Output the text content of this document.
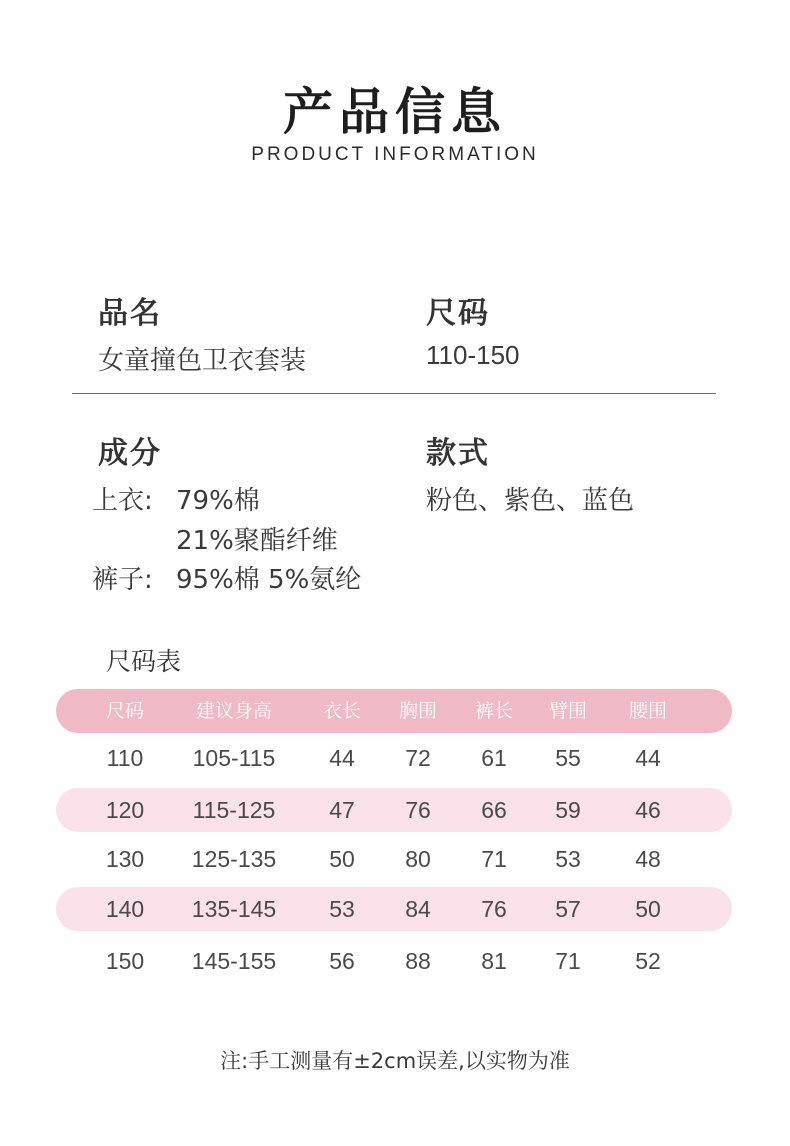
产品信息
PRODUCT INFORMATION
品名
女童撞色卫衣套装
尺码
110-150
成分
上衣: 79%棉
21%聚酯纤维
裤子: 95%棉 5%氨纶
款式
粉色、紫色、蓝色
尺码表
尺码	建议身高	衣长	胸围	裤长	臂围	腰围
110	105-115	44	72	61	55	44
120	115-125	47	76	66	59	46
130	125-135	50	80	71	53	48
140	135-145	53	84	76	57	50
150	145-155	56	88	81	71	52
注:手工测量有±2cm误差,以实物为准
